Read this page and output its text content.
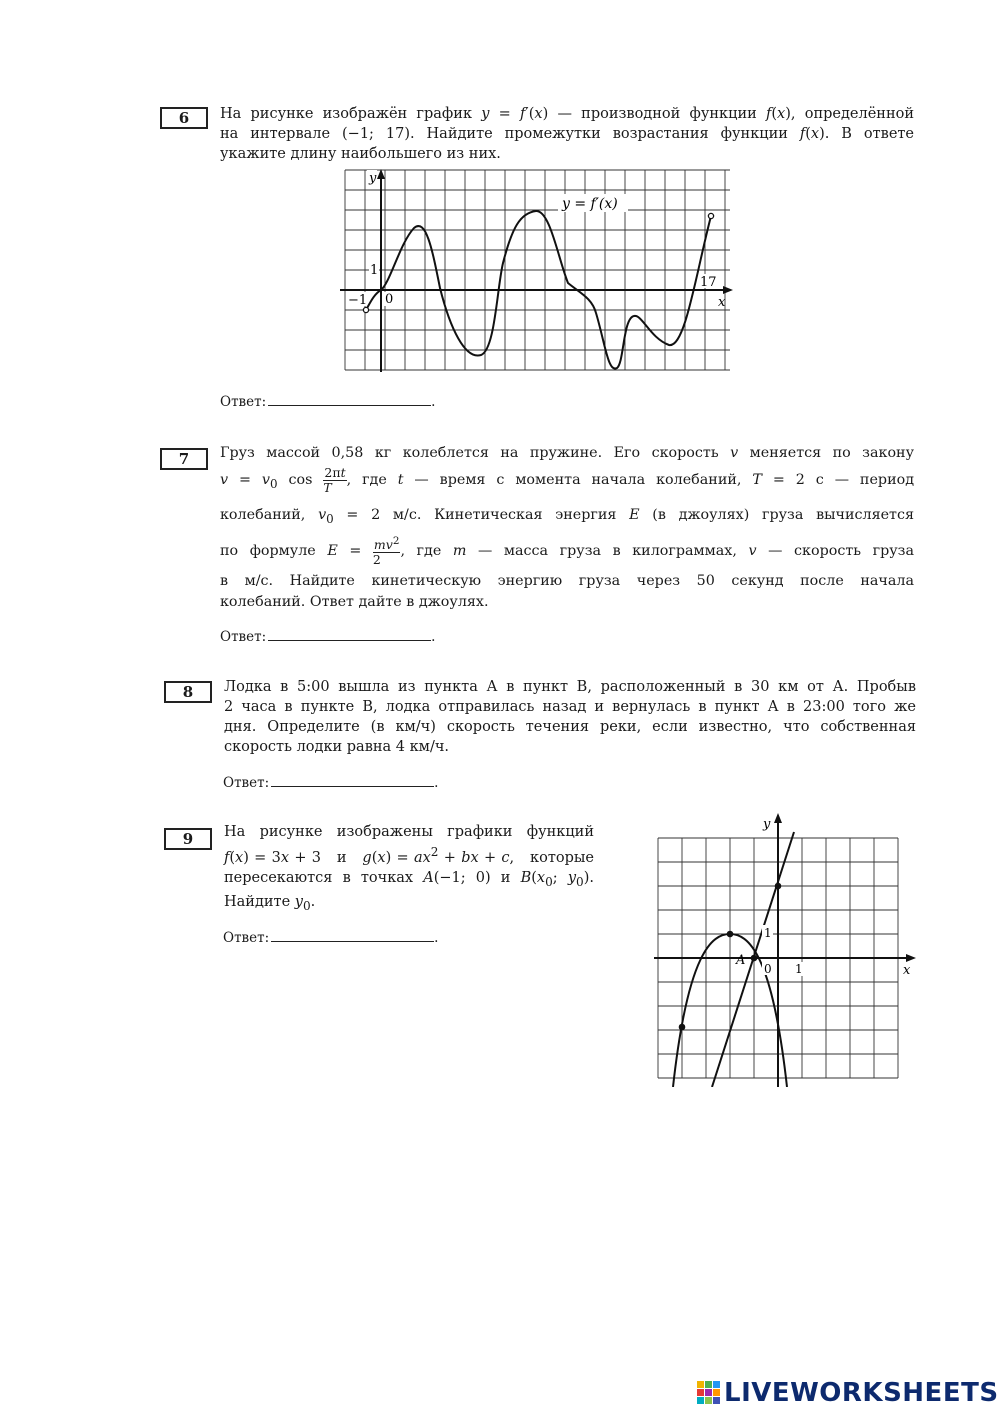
6	На рисунке изображён график y = f′(x) — производной функции f(x), определённой
на интервале (−1; 17). Найдите промежутки возрастания функции f(x). В ответе
укажите длину наибольшего из них.
y = f′(x)
y
x
−1 0
1
17
Ответ:	.
7	Груз массой 0,58 кг колеблется на пружине. Его скорость v меняется по закону
$v = v_0$ $\cos \frac{2\pi t}{T}$ , где t — время с момента начала колебаний, T = 2 с — период
колебаний, $v_0 = 2$ м/с. Кинетическая энергия E (в джоулях) груза вычисляется
по формуле $E = \frac{mv^2}{2}$ , где m — масса груза в килограммах, v — скорость груза
в м/с. Найдите кинетическую энергию груза через 50 секунд после начала
колебаний. Ответ дайте в джоулях.
Ответ:	.
8	Лодка в 5:00 вышла из пункта А в пункт В, расположенный в 30 км от А. Пробыв
2 часа в пункте В, лодка отправилась назад и вернулась в пункт А в 23:00 того же
дня. Определите (в км/ч) скорость течения реки, если известно, что собственная
скорость лодки равна 4 км/ч.
Ответ:	.
9	На рисунке изображены графики функций
f(x) = 3x + 3   и   $g(x) = ax^2$ + bx + c,   которые
пересекаются в точках A(−1; 0) и $B(x_0$; $y_0$).
Найдите $y_0$.
Ответ:	.
y
x
1
1
0
A
LIVEWORKSHEETS
